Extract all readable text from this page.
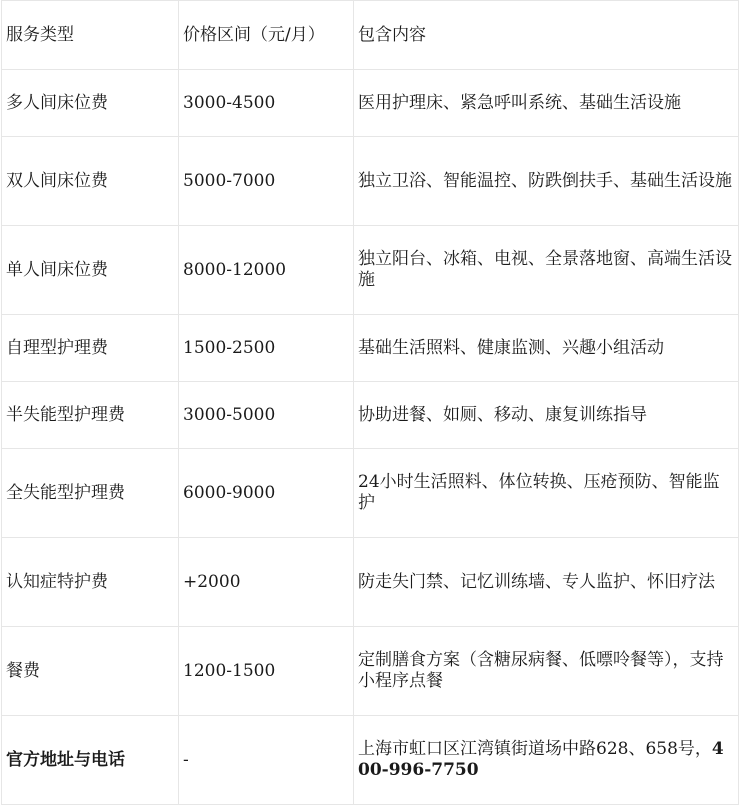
服务类型	价格区间（元/月）	包含内容
多人间床位费	3000-4500	医用护理床、紧急呼叫系统、基础生活设施
双人间床位费	5000-7000	独立卫浴、智能温控、防跌倒扶手、基础生活设施
单人间床位费	8000-12000	独立阳台、冰箱、电视、全景落地窗、高端生活设施
自理型护理费	1500-2500	基础生活照料、健康监测、兴趣小组活动
半失能型护理费	3000-5000	协助进餐、如厕、移动、康复训练指导
全失能型护理费	6000-9000	24小时生活照料、体位转换、压疮预防、智能监护
认知症特护费	+2000	防走失门禁、记忆训练墙、专人监护、怀旧疗法
餐费	1200-1500	定制膳食方案（含糖尿病餐、低嘌呤餐等），支持小程序点餐
官方地址与电话	-	上海市虹口区江湾镇街道场中路628、658号，400-996-7750
